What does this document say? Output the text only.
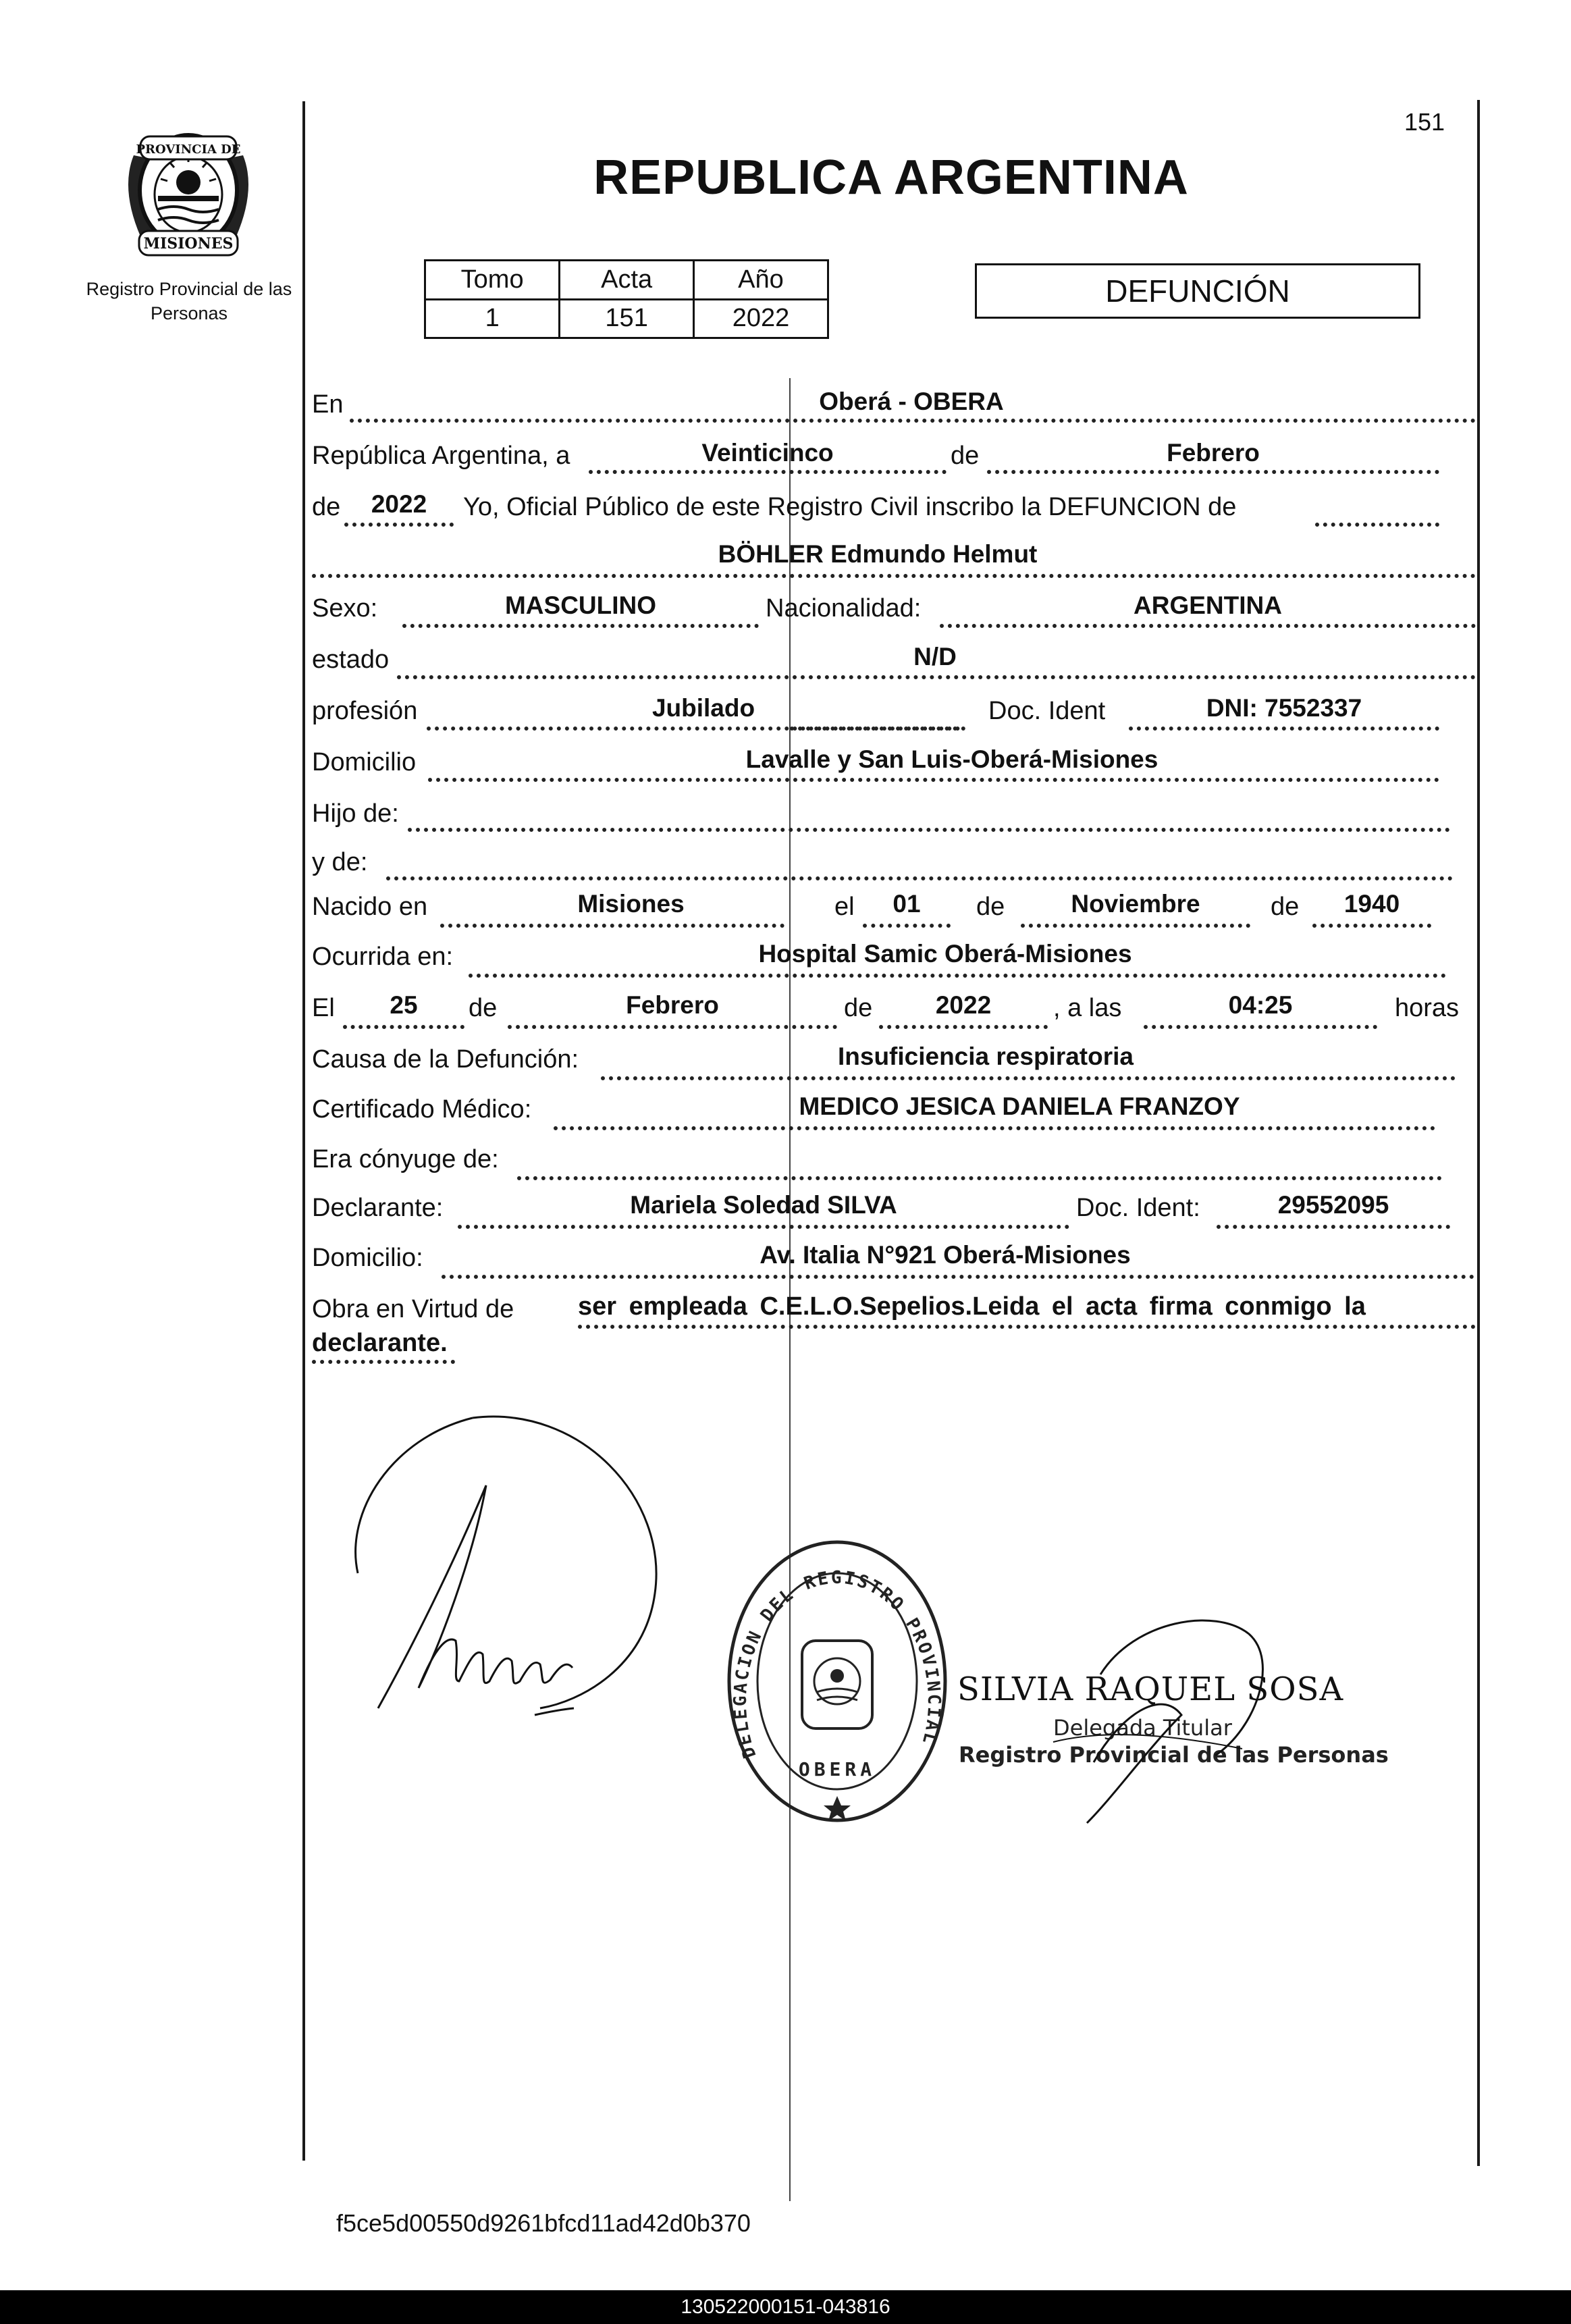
PROVINCIA DE
MISIONES
Registro Provincial de las Personas
151
REPUBLICA ARGENTINA
Tomo	Acta	Año
1	151	2022
DEFUNCIÓN
En	Oberá - OBERA
República Argentina, a	Veinticinco	de	Febrero
de	2022	Yo, Oficial Público de este Registro Civil inscribo la DEFUNCION de
BÖHLER Edmundo Helmut
Sexo:	MASCULINO	Nacionalidad:	ARGENTINA
estado	N/D
profesión	Jubilado	Doc. Ident	DNI: 7552337
Domicilio	Lavalle y San Luis-Oberá-Misiones
Hijo de:
y de:
Nacido en	Misiones	el	01	de	Noviembre	de	1940
Ocurrida en:	Hospital Samic Oberá-Misiones
El	25	de	Febrero	de	2022	, a las	04:25	horas
Causa de la Defunción:	Insuficiencia respiratoria
Certificado Médico:	MEDICO JESICA DANIELA FRANZOY
Era cónyuge de:
Declarante:	Mariela Soledad SILVA	Doc. Ident:	29552095
Domicilio:	Av. Italia N°921 Oberá-Misiones
Obra en Virtud de ser empleada C.E.L.O.Sepelios.Leida el acta firma conmigo la
declarante.
DELEGACION DEL REGISTRO PROVINCIAL
OBERA
SILVIA RAQUEL SOSA
Delegada Titular
Registro Provincial de las Personas
f5ce5d00550d9261bfcd11ad42d0b370
130522000151-043816
